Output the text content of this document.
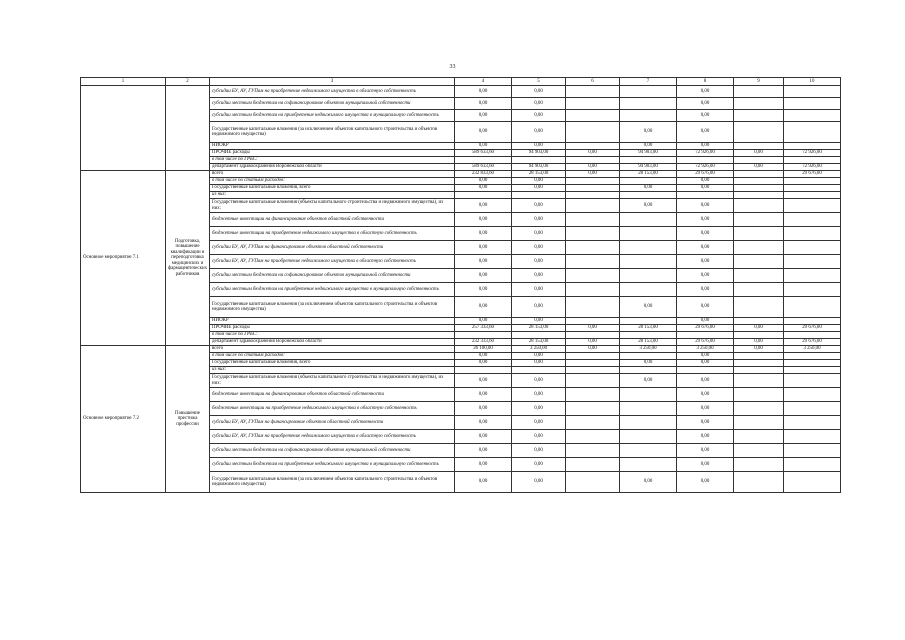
33
1	2	3	4	5	6	7	8	9	10
		субсидии БУ, АУ, ГУПам на приобретение недвижимого имущества в областную собственность	0,00	0,00			0,00		
		субсидии местным бюджетам на софинансирование объектов муниципальной собственности	0,00	0,00			0,00		
		субсидии местным бюджетам на приобретение недвижимого имущества в муниципальную собственность	0,00	0,00			0,00		
		Государственные капитальные вложения (за исключением объектов капитального строительства и объектов недвижимого имущества)	0,00	0,00		0,00	0,00		
		НИОКР	0,00	0,00		0,00	0,00		
		ПРОЧИЕ расходы	589 633,60	94 903,00	0,00	94 903,00	72 926,00	0,00	72 926,00
		в том числе по ГРБС:							
		департамент здравоохранения Воронежской области	589 633,60	94 903,00	0,00	94 903,00	72 926,00	0,00	72 926,00
Основное мероприятие 7.1	Подготовка, повышение квалификации и переподготовка медицинских и фармацевтических работников	всего	232 833,60	28 153,00	0,00	28 153,00	29 676,00		29 676,00
		в том числе по статьям расходов:	0,00	0,00			0,00		
		Государственные капитальные вложения, всего	0,00	0,00		0,00	0,00		
		из них:							
		Государственные капитальные вложения (объекты капитального строительства и недвижимого имущества), из них:	0,00	0,00		0,00	0,00		
		бюджетные инвестиции на финансирование объектов областной собственности	0,00	0,00			0,00		
		бюджетные инвестиции на приобретение недвижимого имущества в областную собственность	0,00	0,00			0,00		
		субсидии БУ, АУ, ГУПам на финансирование объектов областной собственности	0,00	0,00			0,00		
		субсидии БУ, АУ, ГУПам на приобретение недвижимого имущества в областную собственность	0,00	0,00			0,00		
		субсидии местным бюджетам на софинансирование объектов муниципальной собственности	0,00	0,00			0,00		
		субсидии местным бюджетам на приобретение недвижимого имущества в муниципальную собственность	0,00	0,00			0,00		
		Государственные капитальные вложения (за исключением объектов капитального строительства и объектов недвижимого имущества)	0,00	0,00		0,00	0,00		
		НИОКР	0,00	0,00			0,00		
		ПРОЧИЕ расходы	257 333,60	28 153,00	0,00	28 153,00	29 676,00	0,00	29 676,00
		в том числе по ГРБС:							
		департамент здравоохранения Воронежской области	232 333,60	28 153,00	0,00	28 153,00	29 676,00	0,00	29 676,00
Основное мероприятие 7.2	Повышение престижа профессии	всего	26 100,00	3 250,00	0,00	3 250,00	3 250,00	0,00	3 250,00
		в том числе по статьям расходов:	0,00	0,00			0,00		
		Государственные капитальные вложения, всего	0,00	0,00		0,00	0,00		
		из них:							
		Государственные капитальные вложения (объекты капитального строительства и недвижимого имущества), из них:	0,00	0,00		0,00	0,00		
		бюджетные инвестиции на финансирование объектов областной собственности	0,00	0,00			0,00		
		бюджетные инвестиции на приобретение недвижимого имущества в областную собственность	0,00	0,00			0,00		
		субсидии БУ, АУ, ГУПам на финансирование объектов областной собственности	0,00	0,00			0,00		
		субсидии БУ, АУ, ГУПам на приобретение недвижимого имущества в областную собственность	0,00	0,00			0,00		
		субсидии местным бюджетам на софинансирование объектов муниципальной собственности	0,00	0,00			0,00		
		субсидии местным бюджетам на приобретение недвижимого имущества в муниципальную собственность	0,00	0,00			0,00		
		Государственные капитальные вложения (за исключением объектов капитального строительства и объектов недвижимого имущества)	0,00	0,00		0,00	0,00		
